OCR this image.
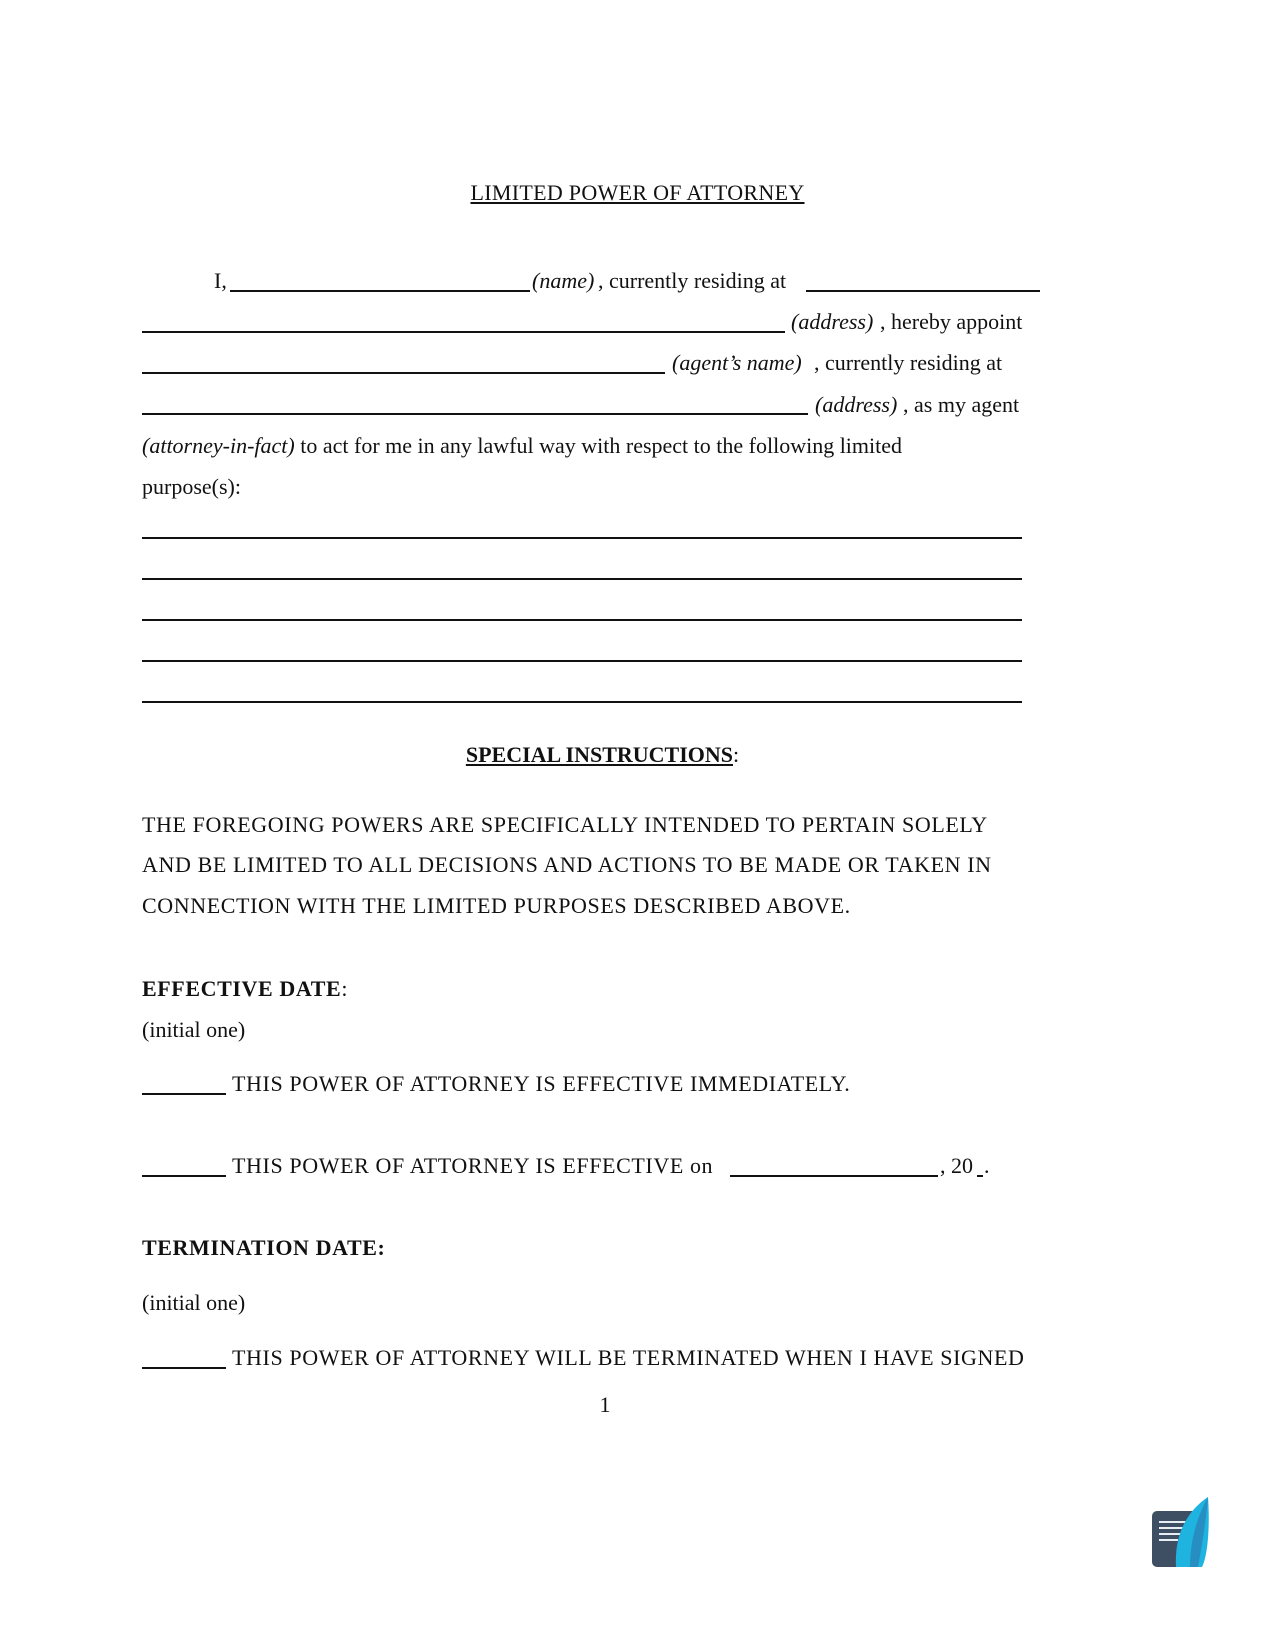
LIMITED POWER OF ATTORNEY
I,	(name) , currently residing at
(address) , hereby appoint
(agent’s name) , currently residing at
(address) , as my agent
(attorney-in-fact) to act for me in any lawful way with respect to the following limited
purpose(s):
SPECIAL INSTRUCTIONS:
THE FOREGOING POWERS ARE SPECIFICALLY INTENDED TO PERTAIN SOLELY
AND BE LIMITED TO ALL DECISIONS AND ACTIONS TO BE MADE OR TAKEN IN
CONNECTION WITH THE LIMITED PURPOSES DESCRIBED ABOVE.
EFFECTIVE DATE:
(initial one)
THIS POWER OF ATTORNEY IS EFFECTIVE IMMEDIATELY.
THIS POWER OF ATTORNEY IS EFFECTIVE on	, 20 .
TERMINATION DATE:
(initial one)
THIS POWER OF ATTORNEY WILL BE TERMINATED WHEN I HAVE SIGNED
1
